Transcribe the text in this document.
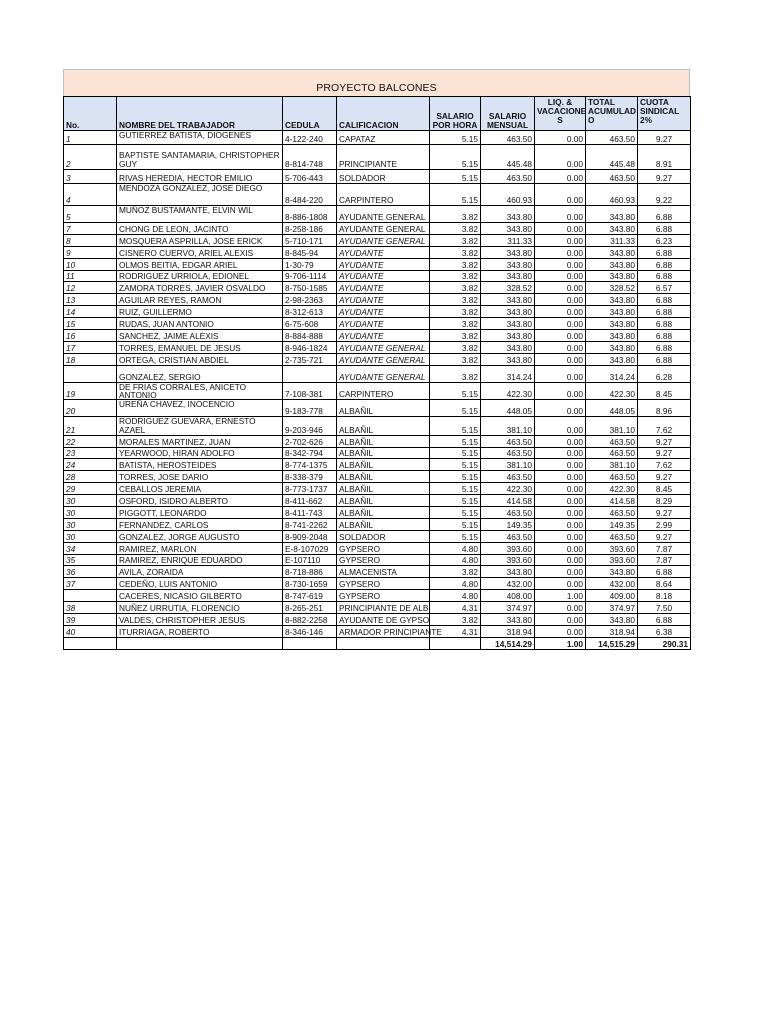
PROYECTO BALCONES
No.	NOMBRE DEL TRABAJADOR	CEDULA	CALIFICACION	SALARIO POR HORA	SALARIO MENSUAL	LIQ. & VACACIONE S	TOTAL ACUMULAD O	CUOTA SINDICAL 2%
1	GUTIERREZ BATISTA, DIOGENES	4-122-240	CAPATAZ	5.15	463.50	0.00	463.50	9.27
2	BAPTISTE SANTAMARIA, CHRISTOPHER GUY	8-814-748	PRINCIPIANTE	5.15	445.48	0.00	445.48	8.91
3	RIVAS HEREDIA, HECTOR EMILIO	5-706-443	SOLDADOR	5.15	463.50	0.00	463.50	9.27
4	MENDOZA GONZALEZ, JOSE DIEGO	8-484-220	CARPINTERO	5.15	460.93	0.00	460.93	9.22
5	MUÑOZ BUSTAMANTE, ELVIN WIL	8-886-1808	AYUDANTE GENERAL	3.82	343.80	0.00	343.80	6.88
7	CHONG DE LEON, JACINTO	8-258-186	AYUDANTE GENERAL	3.82	343.80	0.00	343.80	6.88
8	MOSQUERA ASPRILLA, JOSE ERICK	5-710-171	AYUDANTE GENERAL	3.82	311.33	0.00	311.33	6.23
9	CISNERO CUERVO, ARIEL ALEXIS	8-845-94	AYUDANTE	3.82	343.80	0.00	343.80	6.88
10	OLMOS BEITIA, EDGAR ARIEL	1-30-79	AYUDANTE	3.82	343.80	0.00	343.80	6.88
11	RODRIGUEZ URRIOLA, EDIONEL	9-706-1114	AYUDANTE	3.82	343.80	0.00	343.80	6.88
12	ZAMORA TORRES, JAVIER OSVALDO	8-750-1585	AYUDANTE	3.82	328.52	0.00	328.52	6.57
13	AGUILAR REYES, RAMON	2-98-2363	AYUDANTE	3.82	343.80	0.00	343.80	6.88
14	RUIZ, GUILLERMO	8-312-613	AYUDANTE	3.82	343.80	0.00	343.80	6.88
15	RUDAS, JUAN ANTONIO	6-75-608	AYUDANTE	3.82	343.80	0.00	343.80	6.88
16	SANCHEZ, JAIME ALEXIS	8-884-888	AYUDANTE	3.82	343.80	0.00	343.80	6.88
17	TORRES, EMANUEL DE JESUS	8-946-1824	AYUDANTE GENERAL	3.82	343.80	0.00	343.80	6.88
18	ORTEGA, CRISTIAN ABDIEL	2-735-721	AYUDANTE GENERAL	3.82	343.80	0.00	343.80	6.88
	GONZALEZ, SERGIO		AYUDANTE GENERAL	3.82	314.24	0.00	314.24	6.28
19	DE FRIAS CORRALES, ANICETO ANTONIO	7-108-381	CARPINTERO	5.15	422.30	0.00	422.30	8.45
20	UREÑA CHAVEZ, INOCENCIO	9-183-778	ALBAÑIL	5.15	448.05	0.00	448.05	8.96
21	RODRIGUEZ GUEVARA, ERNESTO AZAEL	9-203-946	ALBAÑIL	5.15	381.10	0.00	381.10	7.62
22	MORALES MARTINEZ, JUAN	2-702-626	ALBAÑIL	5.15	463.50	0.00	463.50	9.27
23	YEARWOOD, HIRAN ADOLFO	8-342-794	ALBAÑIL	5.15	463.50	0.00	463.50	9.27
24	BATISTA, HEROSTEIDES	8-774-1375	ALBAÑIL	5.15	381.10	0.00	381.10	7.62
28	TORRES, JOSE DARIO	8-338-379	ALBAÑIL	5.15	463.50	0.00	463.50	9.27
29	CEBALLOS JEREMIA	8-773-1737	ALBAÑIL	5.15	422.30	0.00	422.30	8.45
30	OSFORD, ISIDRO ALBERTO	8-411-662	ALBAÑIL	5.15	414.58	0.00	414.58	8.29
30	PIGGOTT, LEONARDO	8-411-743	ALBAÑIL	5.15	463.50	0.00	463.50	9.27
30	FERNANDEZ, CARLOS	8-741-2262	ALBAÑIL	5.15	149.35	0.00	149.35	2.99
30	GONZALEZ, JORGE AUGUSTO	8-909-2048	SOLDADOR	5.15	463.50	0.00	463.50	9.27
34	RAMIREZ, MARLON	E-8-107029	GYPSERO	4.80	393.60	0.00	393.60	7.87
35	RAMIREZ, ENRIQUE EDUARDO	E-107110	GYPSERO	4.80	393.60	0.00	393.60	7.87
36	AVILA, ZORAIDA	8-718-886	ALMACENISTA	3.82	343.80	0.00	343.80	6.88
37	CEDEÑO, LUIS ANTONIO	8-730-1659	GYPSERO	4.80	432.00	0.00	432.00	8.64
	CACERES, NICASIO GILBERTO	8-747-619	GYPSERO	4.80	408.00	1.00	409.00	8.18
38	NUÑEZ URRUTIA, FLORENCIO	8-265-251	PRINCIPIANTE DE ALB.	4.31	374.97	0.00	374.97	7.50
39	VALDES, CHRISTOPHER JESUS	8-882-2258	AYUDANTE DE GYPSO	3.82	343.80	0.00	343.80	6.88
40	ITURRIAGA, ROBERTO	8-346-146	ARMADOR PRINCIPIANTE	4.31	318.94	0.00	318.94	6.38
					14,514.29	1.00	14,515.29	290.31
